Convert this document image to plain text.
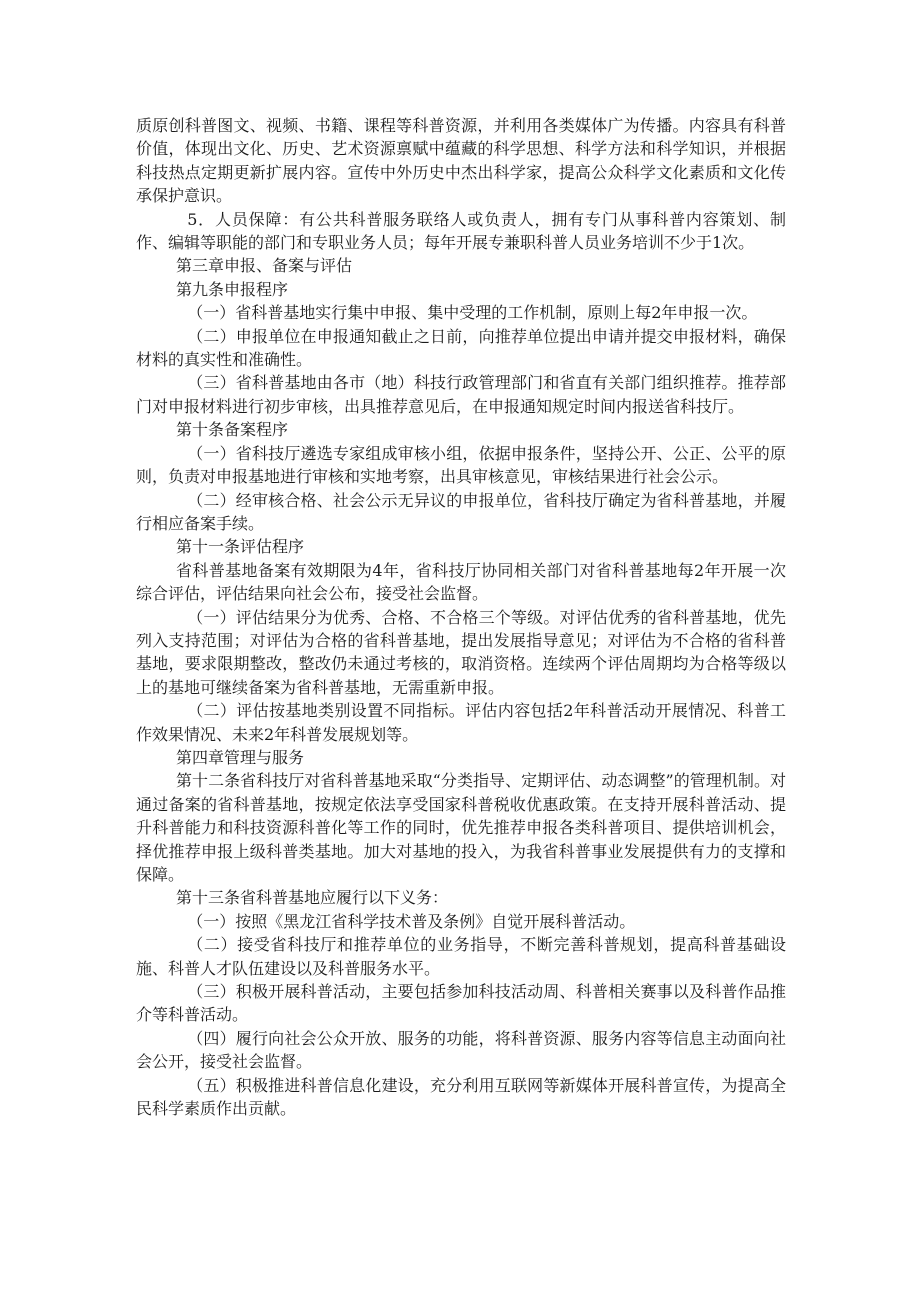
质原创科普图文、视频、书籍、课程等科普资源，并利用各类媒体广为传播。内容具有科普价值，体现出文化、历史、艺术资源禀赋中蕴藏的科学思想、科学方法和科学知识，并根据科技热点定期更新扩展内容。宣传中外历史中杰出科学家，提高公众科学文化素质和文化传承保护意识。

5．人员保障：有公共科普服务联络人或负责人，拥有专门从事科普内容策划、制作、编辑等职能的部门和专职业务人员；每年开展专兼职科普人员业务培训不少于1次。

第三章申报、备案与评估

第九条申报程序

（一）省科普基地实行集中申报、集中受理的工作机制，原则上每2年申报一次。

（二）申报单位在申报通知截止之日前，向推荐单位提出申请并提交申报材料，确保材料的真实性和准确性。

（三）省科普基地由各市（地）科技行政管理部门和省直有关部门组织推荐。推荐部门对申报材料进行初步审核，出具推荐意见后，在申报通知规定时间内报送省科技厅。

第十条备案程序

（一）省科技厅遴选专家组成审核小组，依据申报条件，坚持公开、公正、公平的原则，负责对申报基地进行审核和实地考察，出具审核意见，审核结果进行社会公示。

（二）经审核合格、社会公示无异议的申报单位，省科技厅确定为省科普基地，并履行相应备案手续。

第十一条评估程序

省科普基地备案有效期限为4年，省科技厅协同相关部门对省科普基地每2年开展一次综合评估，评估结果向社会公布，接受社会监督。

（一）评估结果分为优秀、合格、不合格三个等级。对评估优秀的省科普基地，优先列入支持范围；对评估为合格的省科普基地，提出发展指导意见；对评估为不合格的省科普基地，要求限期整改，整改仍未通过考核的，取消资格。连续两个评估周期均为合格等级以上的基地可继续备案为省科普基地，无需重新申报。

（二）评估按基地类别设置不同指标。评估内容包括2年科普活动开展情况、科普工作效果情况、未来2年科普发展规划等。

第四章管理与服务

第十二条省科技厅对省科普基地采取“分类指导、定期评估、动态调整”的管理机制。对通过备案的省科普基地，按规定依法享受国家科普税收优惠政策。在支持开展科普活动、提升科普能力和科技资源科普化等工作的同时，优先推荐申报各类科普项目、提供培训机会，择优推荐申报上级科普类基地。加大对基地的投入，为我省科普事业发展提供有力的支撑和保障。

第十三条省科普基地应履行以下义务：

（一）按照《黑龙江省科学技术普及条例》自觉开展科普活动。

（二）接受省科技厅和推荐单位的业务指导，不断完善科普规划，提高科普基础设施、科普人才队伍建设以及科普服务水平。

（三）积极开展科普活动，主要包括参加科技活动周、科普相关赛事以及科普作品推介等科普活动。

（四）履行向社会公众开放、服务的功能，将科普资源、服务内容等信息主动面向社会公开，接受社会监督。

（五）积极推进科普信息化建设，充分利用互联网等新媒体开展科普宣传，为提高全民科学素质作出贡献。
